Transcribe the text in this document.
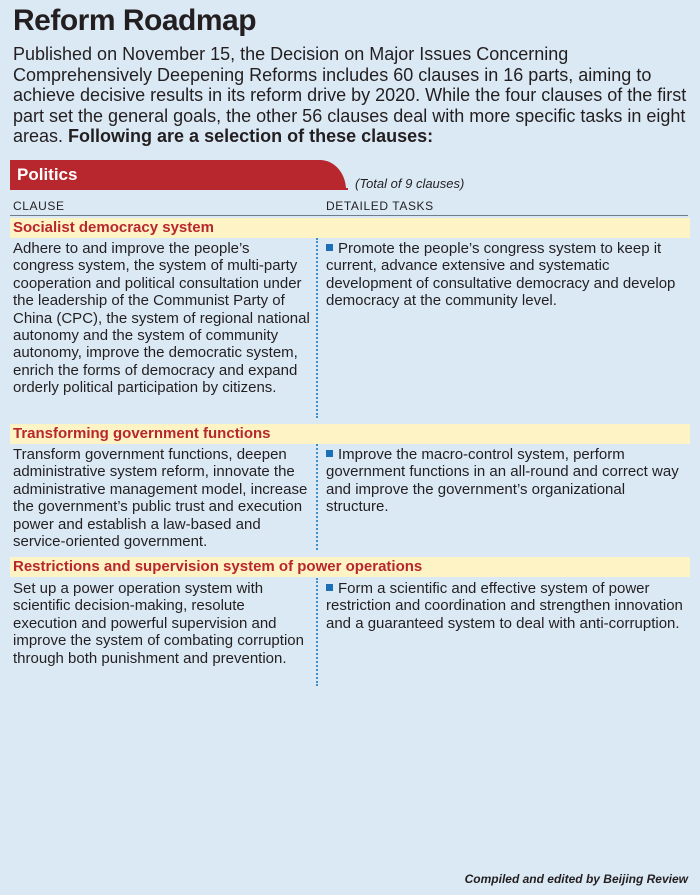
Reform Roadmap
Published on November 15, the Decision on Major Issues Concerning Comprehensively Deepening Reforms includes 60 clauses in 16 parts, aiming to achieve decisive results in its reform drive by 2020. While the four clauses of the first part set the general goals, the other 56 clauses deal with more specific tasks in eight areas. Following are a selection of these clauses:
Politics	(Total of 9 clauses)
CLAUSE	DETAILED TASKS
Socialist democracy system
Adhere to and improve the people’s congress system, the system of multi-party cooperation and political consultation under the leadership of the Communist Party of China (CPC), the system of regional national autonomy and the system of community autonomy, improve the democratic system, enrich the forms of democracy and expand orderly political participation by citizens.
Promote the people’s congress system to keep it current, advance extensive and systematic development of consultative democracy and develop democracy at the community level.
Transforming government functions
Transform government functions, deepen administrative system reform, innovate the administrative management model, increase the government’s public trust and execution power and establish a law-based and service-oriented government.
Improve the macro-control system, perform government functions in an all-round and correct way and improve the government’s organizational structure.
Restrictions and supervision system of power operations
Set up a power operation system with scientific decision-making, resolute execution and powerful supervision and improve the system of combating corruption through both punishment and prevention.
Form a scientific and effective system of power restriction and coordination and strengthen innovation and a guaranteed system to deal with anti-corruption.
Compiled and edited by Beijing Review
